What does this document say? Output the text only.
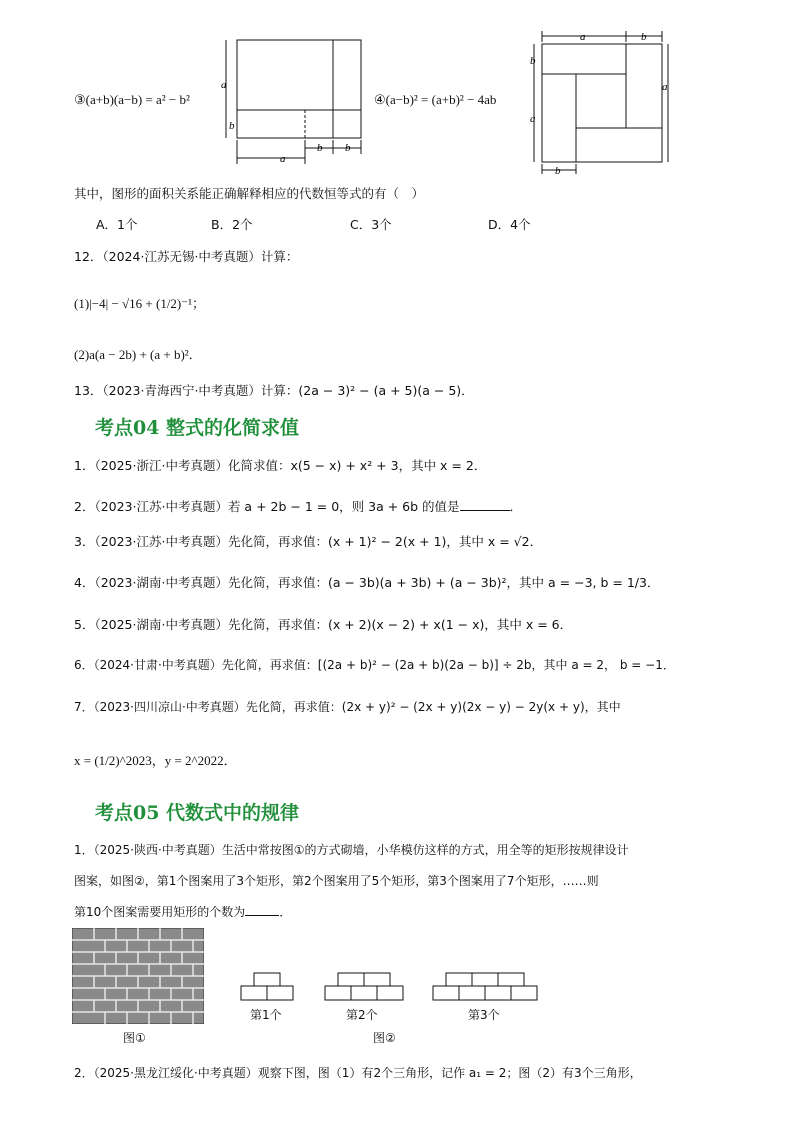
③(a+b)(a−b) = a² − b²
a
b
a
b b
④(a−b)² = (a+b)² − 4ab
a	b
b
a
a
b
其中，图形的面积关系能正确解释相应的代数恒等式的有（　）
A．1个	B．2个	C．3个	D．4个
12．（2024·江苏无锡·中考真题）计算：
(1)|−4| − √16 + (1/2)⁻¹；
(2)a(a − 2b) + (a + b)²．
13．（2023·青海西宁·中考真题）计算：(2a − 3)² − (a + 5)(a − 5)．
考点04 整式的化简求值
1．（2025·浙江·中考真题）化简求值：x(5 − x) + x² + 3，其中 x = 2．
2．（2023·江苏·中考真题）若 a + 2b − 1 = 0，则 3a + 6b 的值是	．
3．（2023·江苏·中考真题）先化简，再求值：(x + 1)² − 2(x + 1)，其中 x = √2．
4．（2023·湖南·中考真题）先化简，再求值：(a − 3b)(a + 3b) + (a − 3b)²，其中 a = −3, b = 1/3．
5．（2025·湖南·中考真题）先化简，再求值：(x + 2)(x − 2) + x(1 − x)，其中 x = 6．
6．（2024·甘肃·中考真题）先化简，再求值：[(2a + b)² − (2a + b)(2a − b)] ÷ 2b，其中 a = 2， b = −1．
7．（2023·四川凉山·中考真题）先化简，再求值：(2x + y)² − (2x + y)(2x − y) − 2y(x + y)，其中
x = (1/2)^2023，y = 2^2022．
考点05 代数式中的规律
1．（2025·陕西·中考真题）生活中常按图①的方式砌墙，小华模仿这样的方式，用全等的矩形按规律设计
图案，如图②，第1个图案用了3个矩形，第2个图案用了5个矩形，第3个图案用了7个矩形，……则
第10个图案需要用矩形的个数为	．
图①
第1个	第2个	第3个
图②
2．（2025·黑龙江绥化·中考真题）观察下图，图（1）有2个三角形，记作 a₁ = 2；图（2）有3个三角形，
